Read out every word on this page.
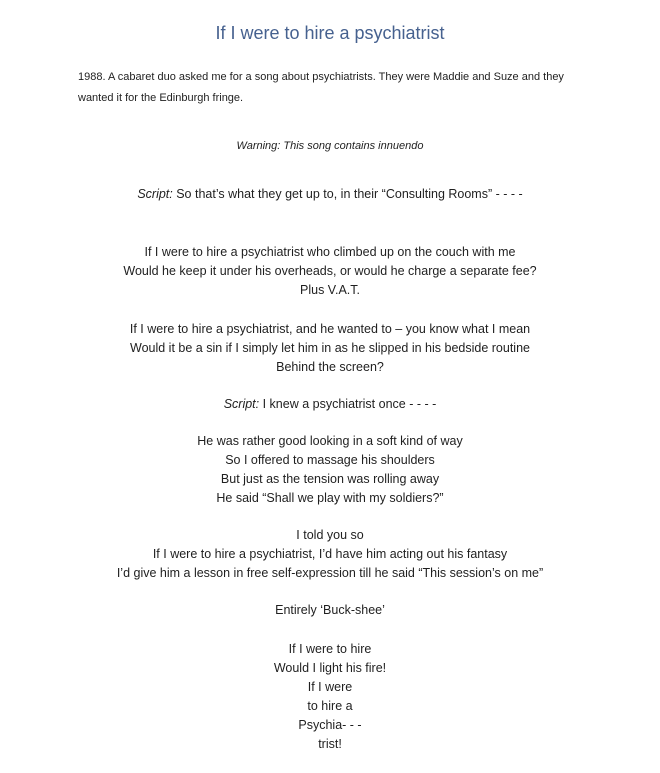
If I were to hire a psychiatrist
1988. A cabaret duo asked me for a song about psychiatrists. They were Maddie and Suze and they
wanted it for the Edinburgh fringe.
Warning: This song contains innuendo
Script: So that’s what they get up to, in their “Consulting Rooms” - - - -
If I were to hire a psychiatrist who climbed up on the couch with me
Would he keep it under his overheads, or would he charge a separate fee?
Plus V.A.T.
If I were to hire a psychiatrist, and he wanted to – you know what I mean
Would it be a sin if I simply let him in as he slipped in his bedside routine
Behind the screen?
Script: I knew a psychiatrist once - - - -
He was rather good looking in a soft kind of way
So I offered to massage his shoulders
But just as the tension was rolling away
He said “Shall we play with my soldiers?”
I told you so
If I were to hire a psychiatrist, I’d have him acting out his fantasy
I’d give him a lesson in free self-expression till he said “This session’s on me”
Entirely ‘Buck-shee’
If I were to hire
Would I light his fire!
If I were
to hire a
Psychia- - -
trist!
